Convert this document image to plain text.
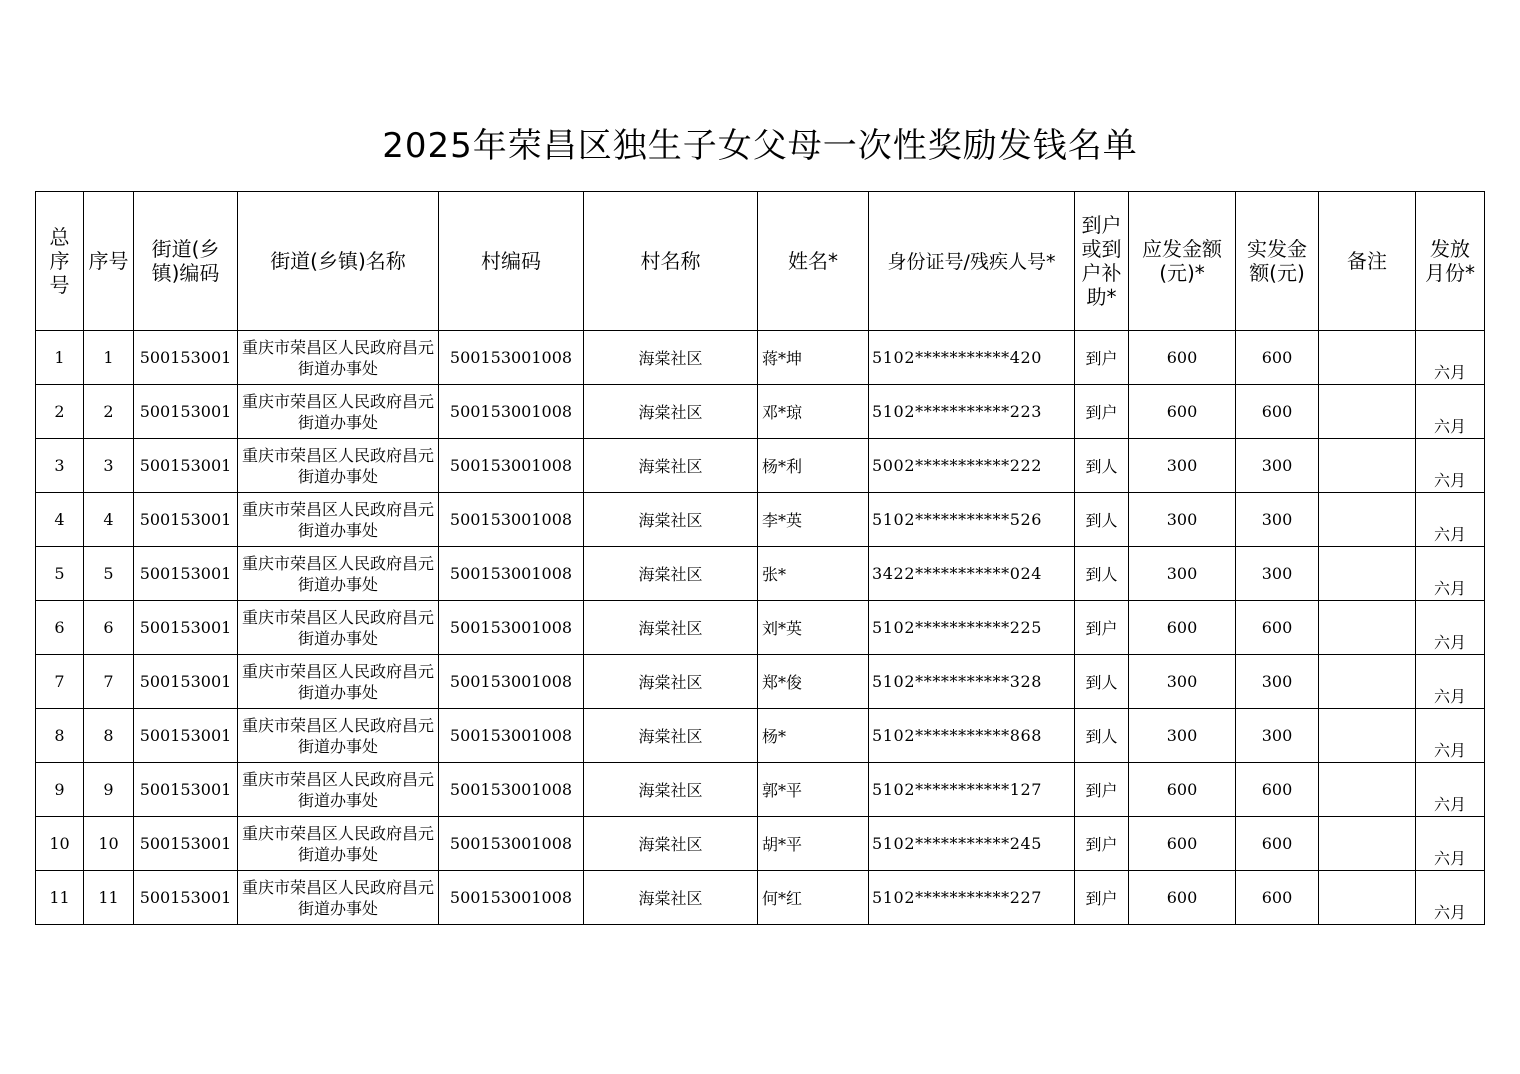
2025年荣昌区独生子女父母一次性奖励发钱名单
总序号	序号	街道(乡镇)编码	街道(乡镇)名称	村编码	村名称	姓名*	身份证号/残疾人号*	到户或到户补助*	应发金额(元)*	实发金额(元)	备注	发放月份*
1	1	500153001	重庆市荣昌区人民政府昌元街道办事处	500153001008	海棠社区	蒋*坤	5102***********420	到户	600	600		六月
2	2	500153001	重庆市荣昌区人民政府昌元街道办事处	500153001008	海棠社区	邓*琼	5102***********223	到户	600	600		六月
3	3	500153001	重庆市荣昌区人民政府昌元街道办事处	500153001008	海棠社区	杨*利	5002***********222	到人	300	300		六月
4	4	500153001	重庆市荣昌区人民政府昌元街道办事处	500153001008	海棠社区	李*英	5102***********526	到人	300	300		六月
5	5	500153001	重庆市荣昌区人民政府昌元街道办事处	500153001008	海棠社区	张*	3422***********024	到人	300	300		六月
6	6	500153001	重庆市荣昌区人民政府昌元街道办事处	500153001008	海棠社区	刘*英	5102***********225	到户	600	600		六月
7	7	500153001	重庆市荣昌区人民政府昌元街道办事处	500153001008	海棠社区	郑*俊	5102***********328	到人	300	300		六月
8	8	500153001	重庆市荣昌区人民政府昌元街道办事处	500153001008	海棠社区	杨*	5102***********868	到人	300	300		六月
9	9	500153001	重庆市荣昌区人民政府昌元街道办事处	500153001008	海棠社区	郭*平	5102***********127	到户	600	600		六月
10	10	500153001	重庆市荣昌区人民政府昌元街道办事处	500153001008	海棠社区	胡*平	5102***********245	到户	600	600		六月
11	11	500153001	重庆市荣昌区人民政府昌元街道办事处	500153001008	海棠社区	何*红	5102***********227	到户	600	600		六月
